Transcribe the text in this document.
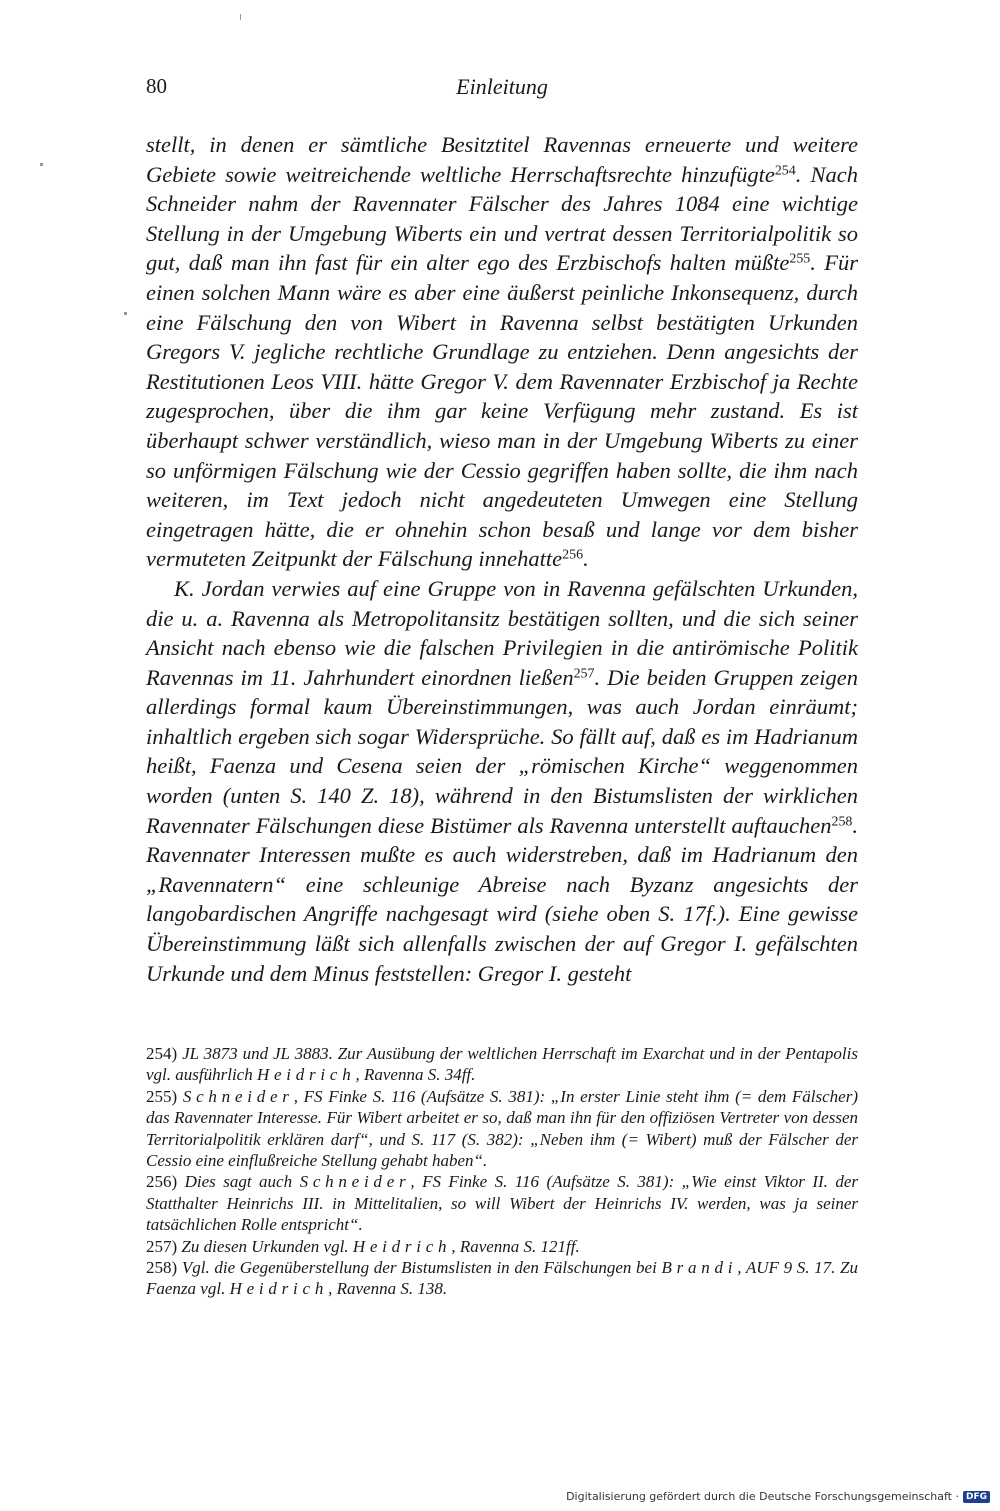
80	Einleitung

stellt, in denen er sämtliche Besitztitel Ravennas erneuerte und weitere Gebiete sowie weitreichende weltliche Herrschaftsrechte hinzufügte$^{254}$. Nach Schneider nahm der Ravennater Fälscher des Jahres 1084 eine wichtige Stellung in der Umgebung Wiberts ein und vertrat dessen Territorialpolitik so gut, daß man ihn fast für ein alter ego des Erzbischofs halten müßte$^{255}$. Für einen solchen Mann wäre es aber eine äußerst peinliche Inkonsequenz, durch eine Fälschung den von Wibert in Ravenna selbst bestätigten Urkunden Gregors V. jegliche rechtliche Grundlage zu entziehen. Denn angesichts der Restitutionen Leos VIII. hätte Gregor V. dem Ravennater Erzbischof ja Rechte zugesprochen, über die ihm gar keine Verfügung mehr zustand. Es ist überhaupt schwer verständlich, wieso man in der Umgebung Wiberts zu einer so unförmigen Fälschung wie der Cessio gegriffen haben sollte, die ihm nach weiteren, im Text jedoch nicht angedeuteten Umwegen eine Stellung eingetragen hätte, die er ohnehin schon besaß und lange vor dem bisher vermuteten Zeitpunkt der Fälschung innehatte$^{256}$.

K. Jordan verwies auf eine Gruppe von in Ravenna gefälschten Urkunden, die u. a. Ravenna als Metropolitansitz bestätigen sollten, und die sich seiner Ansicht nach ebenso wie die falschen Privilegien in die antirömische Politik Ravennas im 11. Jahrhundert einordnen ließen$^{257}$. Die beiden Gruppen zeigen allerdings formal kaum Übereinstimmungen, was auch Jordan einräumt; inhaltlich ergeben sich sogar Widersprüche. So fällt auf, daß es im Hadrianum heißt, Faenza und Cesena seien der „römischen Kirche“ weggenommen worden (unten S. 140 Z. 18), während in den Bistumslisten der wirklichen Ravennater Fälschungen diese Bistümer als Ravenna unterstellt auftauchen$^{258}$. Ravennater Interessen mußte es auch widerstreben, daß im Hadrianum den „Ravennatern“ eine schleunige Abreise nach Byzanz angesichts der langobardischen Angriffe nachgesagt wird (siehe oben S. 17f.). Eine gewisse Übereinstimmung läßt sich allenfalls zwischen der auf Gregor I. gefälschten Urkunde und dem Minus feststellen: Gregor I. gesteht

254) JL 3873 und JL 3883. Zur Ausübung der weltlichen Herrschaft im Exarchat und in der Pentapolis vgl. ausführlich Heidrich, Ravenna S. 34ff.

255) Schneider, FS Finke S. 116 (Aufsätze S. 381): „In erster Linie steht ihm (= dem Fälscher) das Ravennater Interesse. Für Wibert arbeitet er so, daß man ihn für den offiziösen Vertreter von dessen Territorialpolitik erklären darf“, und S. 117 (S. 382): „Neben ihm (= Wibert) muß der Fälscher der Cessio eine einflußreiche Stellung gehabt haben“.

256) Dies sagt auch Schneider, FS Finke S. 116 (Aufsätze S. 381): „Wie einst Viktor II. der Statthalter Heinrichs III. in Mittelitalien, so will Wibert der Heinrichs IV. werden, was ja seiner tatsächlichen Rolle entspricht“.

257) Zu diesen Urkunden vgl. Heidrich, Ravenna S. 121ff.

258) Vgl. die Gegenüberstellung der Bistumslisten in den Fälschungen bei Brandi, AUF 9 S. 17. Zu Faenza vgl. Heidrich, Ravenna S. 138.

Digitalisierung gefördert durch die Deutsche Forschungsgemeinschaft · DFG
